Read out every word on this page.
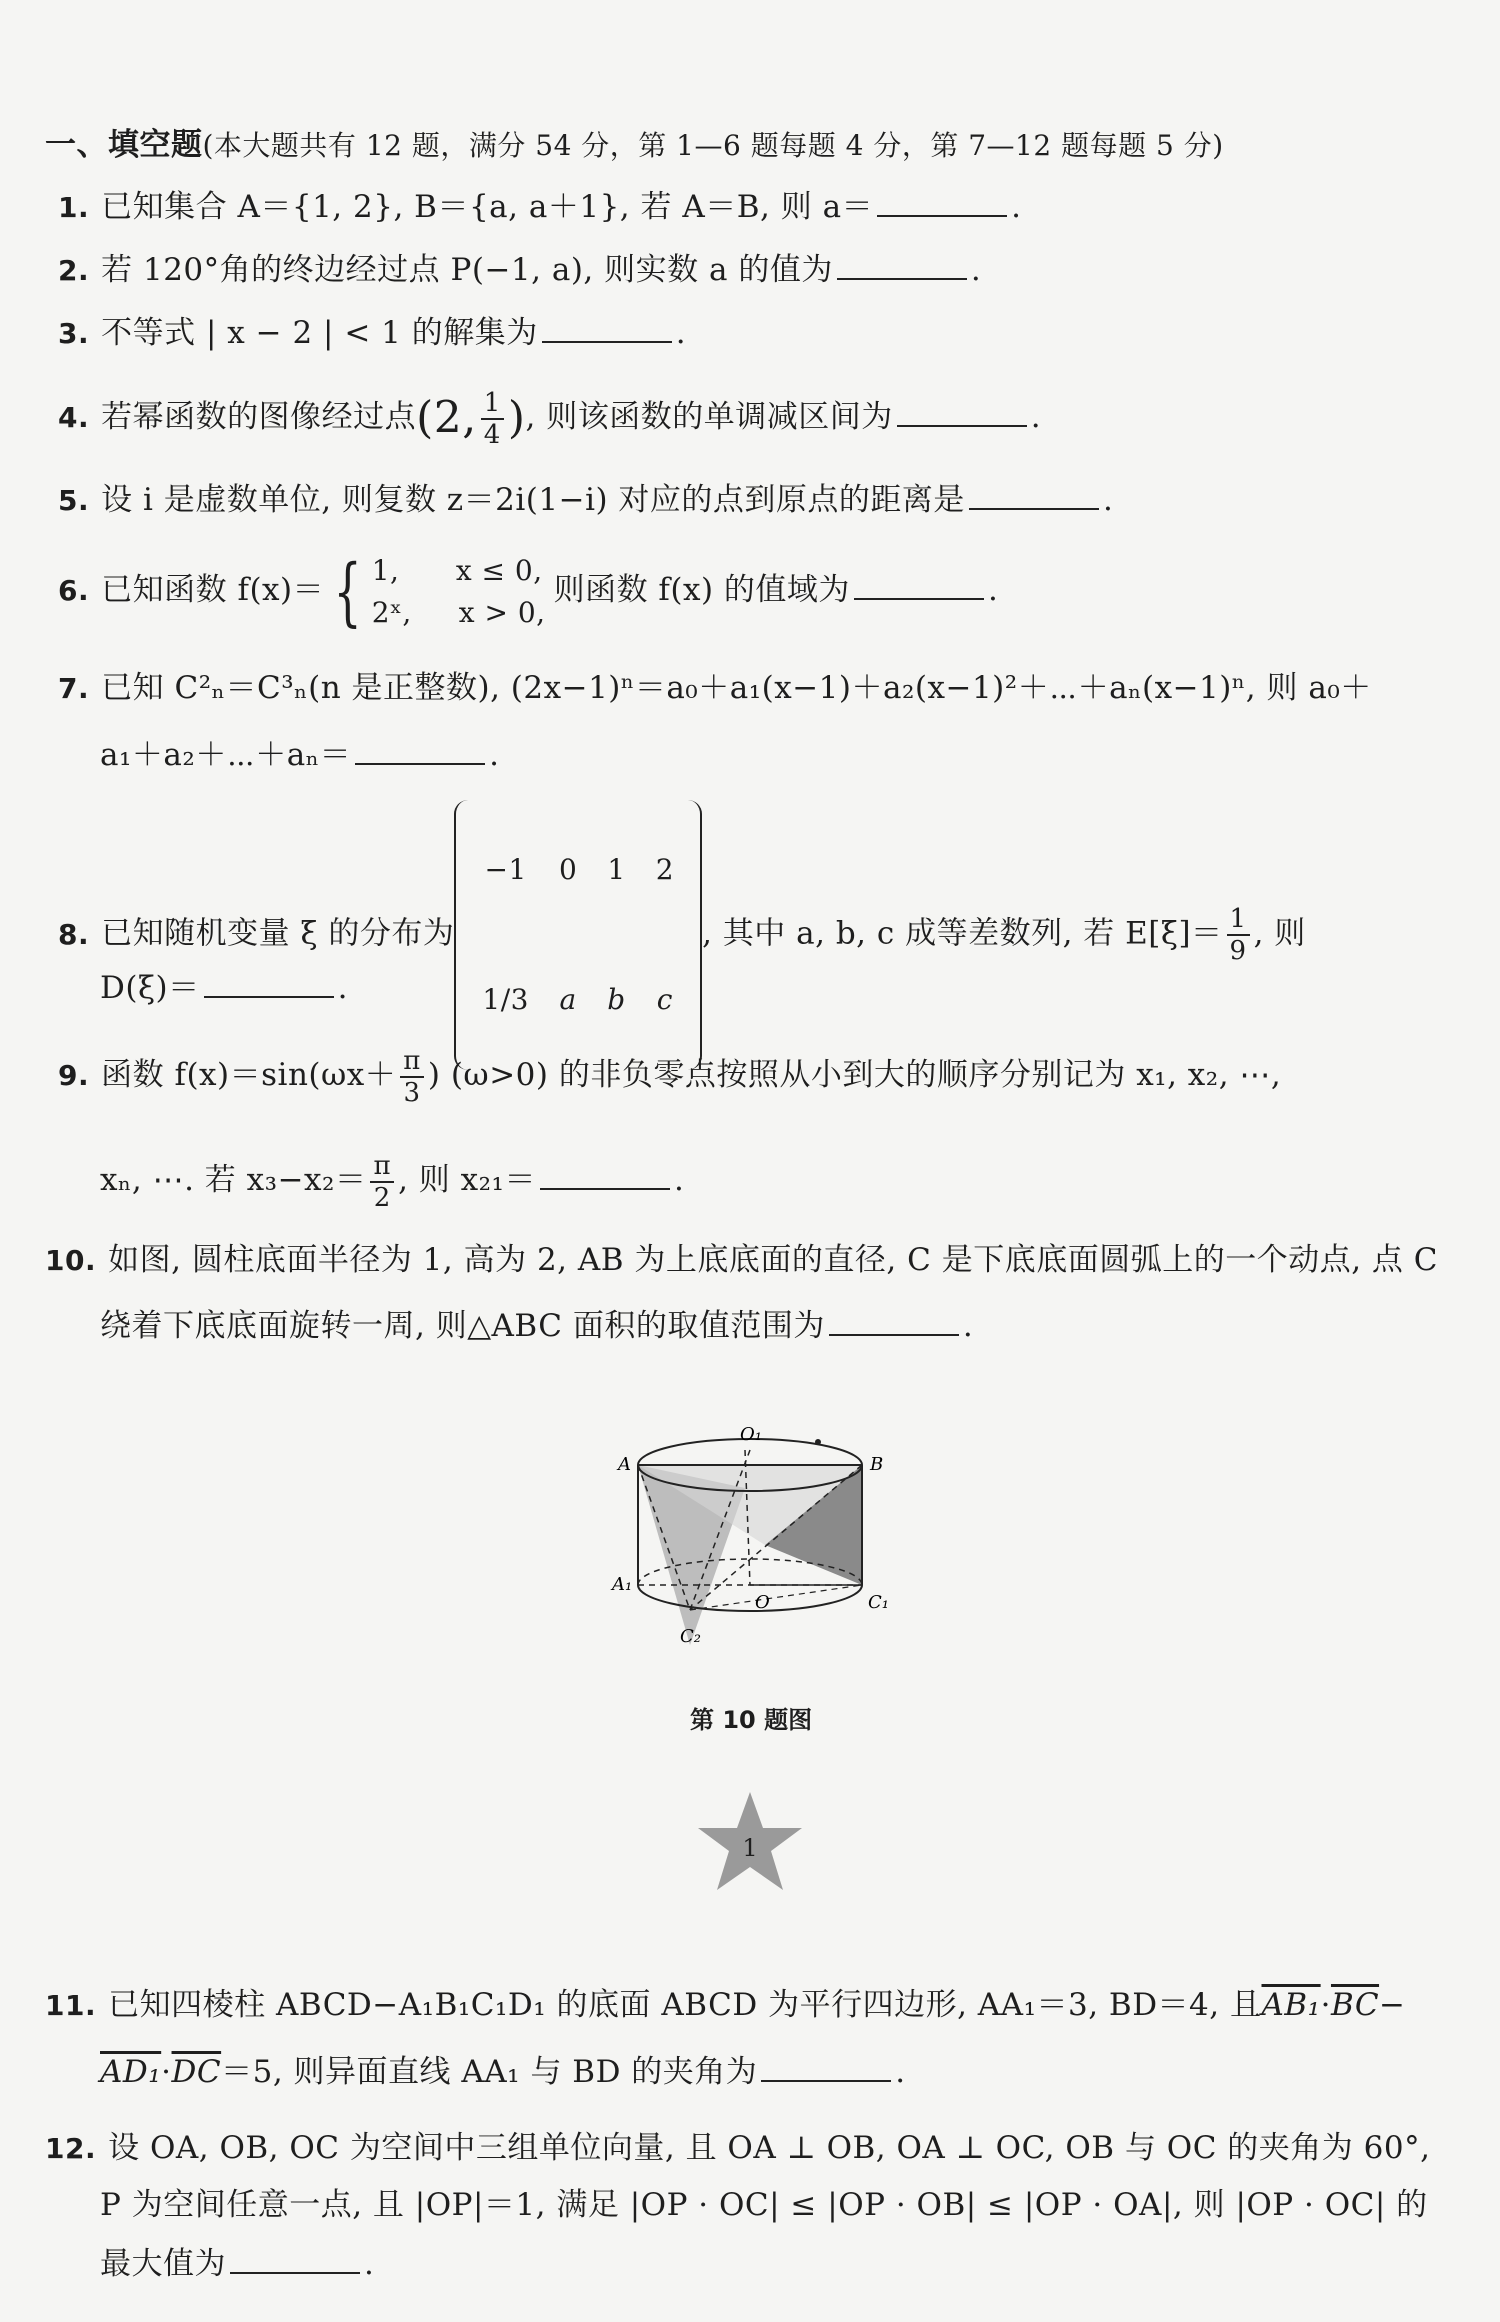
一、填空题(本大题共有 12 题，满分 54 分，第 1—6 题每题 4 分，第 7—12 题每题 5 分)
1. 已知集合 A＝{1, 2}, B＝{a, a＋1}, 若 A＝B, 则 a＝	.
2. 若 120°角的终边经过点 P(−1, a), 则实数 a 的值为	.
3. 不等式 | x − 2 | < 1 的解集为	.
4. 若幂函数的图像经过点(2, $\frac{1}{4}$ ), 则该函数的单调减区间为	.
5. 设 i 是虚数单位, 则复数 z＝2i(1−i) 对应的点到原点的距离是	.
6. 已知函数 f(x)＝ { 1,      x ≤ 0,
2ˣ,     x > 0,
则函数 f(x) 的值域为	.
7. 已知 C²ₙ＝C³ₙ(n 是正整数), (2x−1)ⁿ＝a₀＋a₁(x−1)＋a₂(x−1)²＋⋯＋aₙ(x−1)ⁿ, 则 a₀＋
a₁＋a₂＋⋯＋aₙ＝	.
8. 已知随机变量 ξ 的分布为−1	0	1	2
1/3	a	b	c, 其中 a, b, c 成等差数列, 若 $E[\xi]= \frac{1}{9}$ , 则
D(ξ)＝	.
9. 函数 $f(x)=\sin(\omega x+ \frac{\pi}{3}$ ) (ω>0) 的非负零点按照从小到大的顺序分别记为 x₁, x₂, ⋯,
xₙ, ⋯. 若 $x_3-x_2= \frac{\pi}{2}$ , 则 x₂₁＝	.
10. 如图, 圆柱底面半径为 1, 高为 2, AB 为上底底面的直径, C 是下底底面圆弧上的一个动点, 点 C
绕着下底底面旋转一周, 则△ABC 面积的取值范围为	.
A	B
O₁
O
A₁
C₁
C₂
第 10 题图
1
11. 已知四棱柱 ABCD−A₁B₁C₁D₁ 的底面 ABCD 为平行四边形, AA₁＝3, BD＝4, 且$AB_1\cdot\overline{BC}-$
$AD_1\cdot\overline{DC}=5$, 则异面直线 AA₁ 与 BD 的夹角为	.
12. 设 OA, OB, OC 为空间中三组单位向量, 且 OA ⊥ OB, OA ⊥ OC, OB 与 OC 的夹角为 60°,
P 为空间任意一点, 且 |OP|＝1, 满足 |OP · OC| ≤ |OP · OB| ≤ |OP · OA|, 则 |OP · OC| 的
最大值为	.
